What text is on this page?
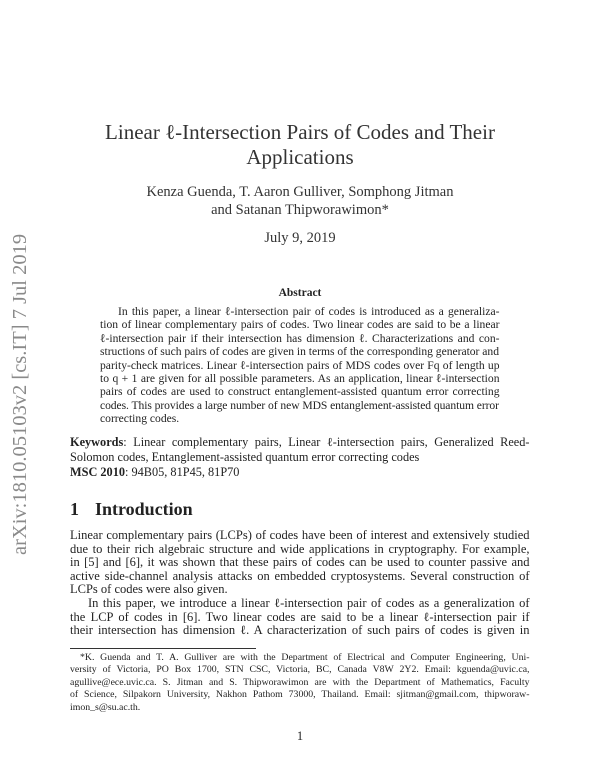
arXiv:1810.05103v2 [cs.IT] 7 Jul 2019
Linear ℓ-Intersection Pairs of Codes and Their
Applications
Kenza Guenda, T. Aaron Gulliver, Somphong Jitman
and Satanan Thipworawimon*
July 9, 2019
Abstract
In this paper, a linear ℓ-intersection pair of codes is introduced as a generaliza-
tion of linear complementary pairs of codes. Two linear codes are said to be a linear
ℓ-intersection pair if their intersection has dimension ℓ. Characterizations and con-
structions of such pairs of codes are given in terms of the corresponding generator and
parity-check matrices. Linear ℓ-intersection pairs of MDS codes over Fq of length up
to q + 1 are given for all possible parameters. As an application, linear ℓ-intersection
pairs of codes are used to construct entanglement-assisted quantum error correcting
codes. This provides a large number of new MDS entanglement-assisted quantum error
correcting codes.
Keywords: Linear complementary pairs, Linear ℓ-intersection pairs, Generalized Reed-
Solomon codes, Entanglement-assisted quantum error correcting codes
MSC 2010: 94B05, 81P45, 81P70
1 Introduction
Linear complementary pairs (LCPs) of codes have been of interest and extensively studied
due to their rich algebraic structure and wide applications in cryptography. For example,
in [5] and [6], it was shown that these pairs of codes can be used to counter passive and
active side-channel analysis attacks on embedded cryptosystems. Several construction of
LCPs of codes were also given.
In this paper, we introduce a linear ℓ-intersection pair of codes as a generalization of
the LCP of codes in [6]. Two linear codes are said to be a linear ℓ-intersection pair if
their intersection has dimension ℓ. A characterization of such pairs of codes is given in
*K. Guenda and T. A. Gulliver are with the Department of Electrical and Computer Engineering, Uni-
versity of Victoria, PO Box 1700, STN CSC, Victoria, BC, Canada V8W 2Y2. Email: kguenda@uvic.ca,
agullive@ece.uvic.ca. S. Jitman and S. Thipworawimon are with the Department of Mathematics, Faculty
of Science, Silpakorn University, Nakhon Pathom 73000, Thailand. Email: sjitman@gmail.com, thipworaw-
imon_s@su.ac.th.
1
